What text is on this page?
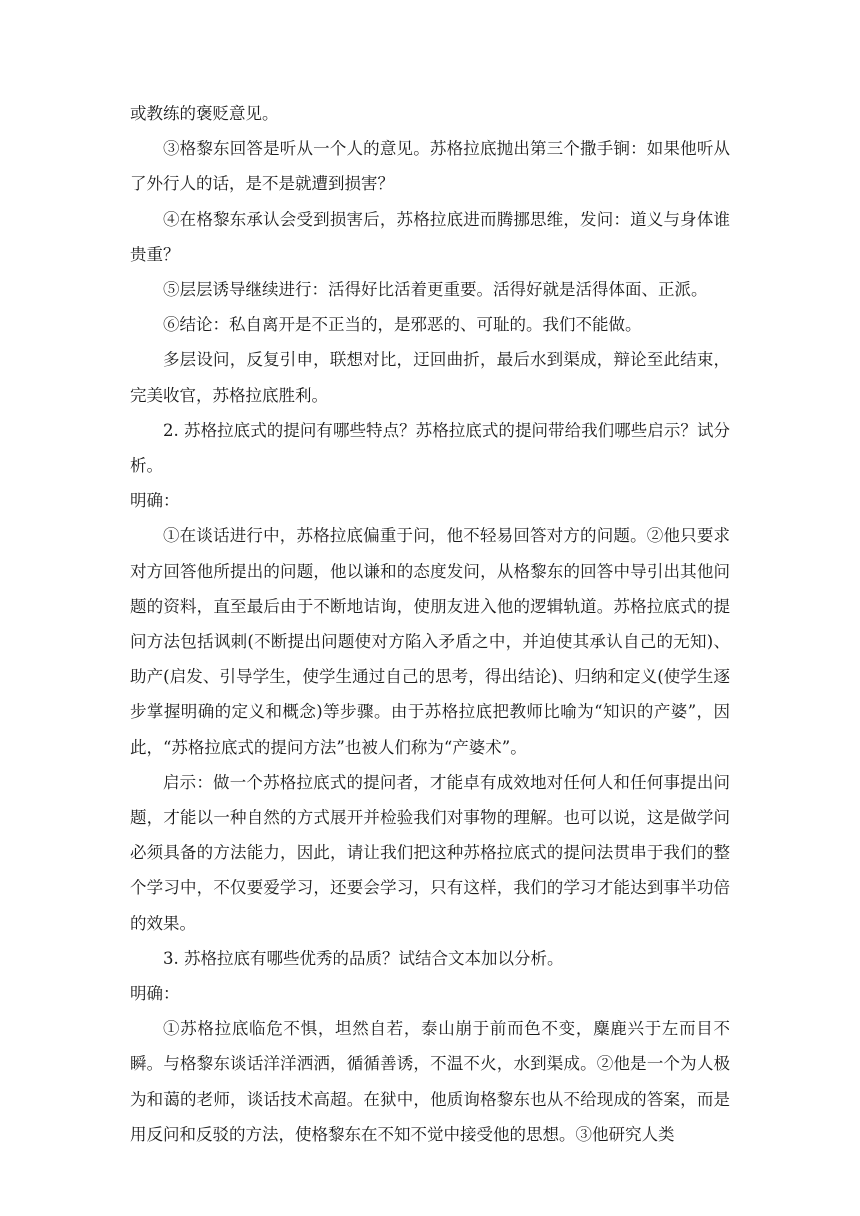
或教练的褒贬意见。

③格黎东回答是听从一个人的意见。苏格拉底抛出第三个撒手锏：如果他听从了外行人的话，是不是就遭到损害？

④在格黎东承认会受到损害后，苏格拉底进而腾挪思维，发问：道义与身体谁贵重？

⑤层层诱导继续进行：活得好比活着更重要。活得好就是活得体面、正派。

⑥结论：私自离开是不正当的，是邪恶的、可耻的。我们不能做。

多层设问，反复引申，联想对比，迂回曲折，最后水到渠成，辩论至此结束，完美收官，苏格拉底胜利。

2. 苏格拉底式的提问有哪些特点？苏格拉底式的提问带给我们哪些启示？试分析。

明确：

①在谈话进行中，苏格拉底偏重于问，他不轻易回答对方的问题。②他只要求对方回答他所提出的问题，他以谦和的态度发问，从格黎东的回答中导引出其他问题的资料，直至最后由于不断地诘询，使朋友进入他的逻辑轨道。苏格拉底式的提问方法包括讽刺(不断提出问题使对方陷入矛盾之中，并迫使其承认自己的无知)、助产(启发、引导学生，使学生通过自己的思考，得出结论)、归纳和定义(使学生逐步掌握明确的定义和概念)等步骤。由于苏格拉底把教师比喻为“知识的产婆”，因此，“苏格拉底式的提问方法”也被人们称为“产婆术”。

启示：做一个苏格拉底式的提问者，才能卓有成效地对任何人和任何事提出问题，才能以一种自然的方式展开并检验我们对事物的理解。也可以说，这是做学问必须具备的方法能力，因此，请让我们把这种苏格拉底式的提问法贯串于我们的整个学习中，不仅要爱学习，还要会学习，只有这样，我们的学习才能达到事半功倍的效果。

3. 苏格拉底有哪些优秀的品质？试结合文本加以分析。

明确：

①苏格拉底临危不惧，坦然自若，泰山崩于前而色不变，麋鹿兴于左而目不瞬。与格黎东谈话洋洋洒洒，循循善诱，不温不火，水到渠成。②他是一个为人极为和蔼的老师，谈话技术高超。在狱中，他质询格黎东也从不给现成的答案，而是用反问和反驳的方法，使格黎东在不知不觉中接受他的思想。③他研究人类
